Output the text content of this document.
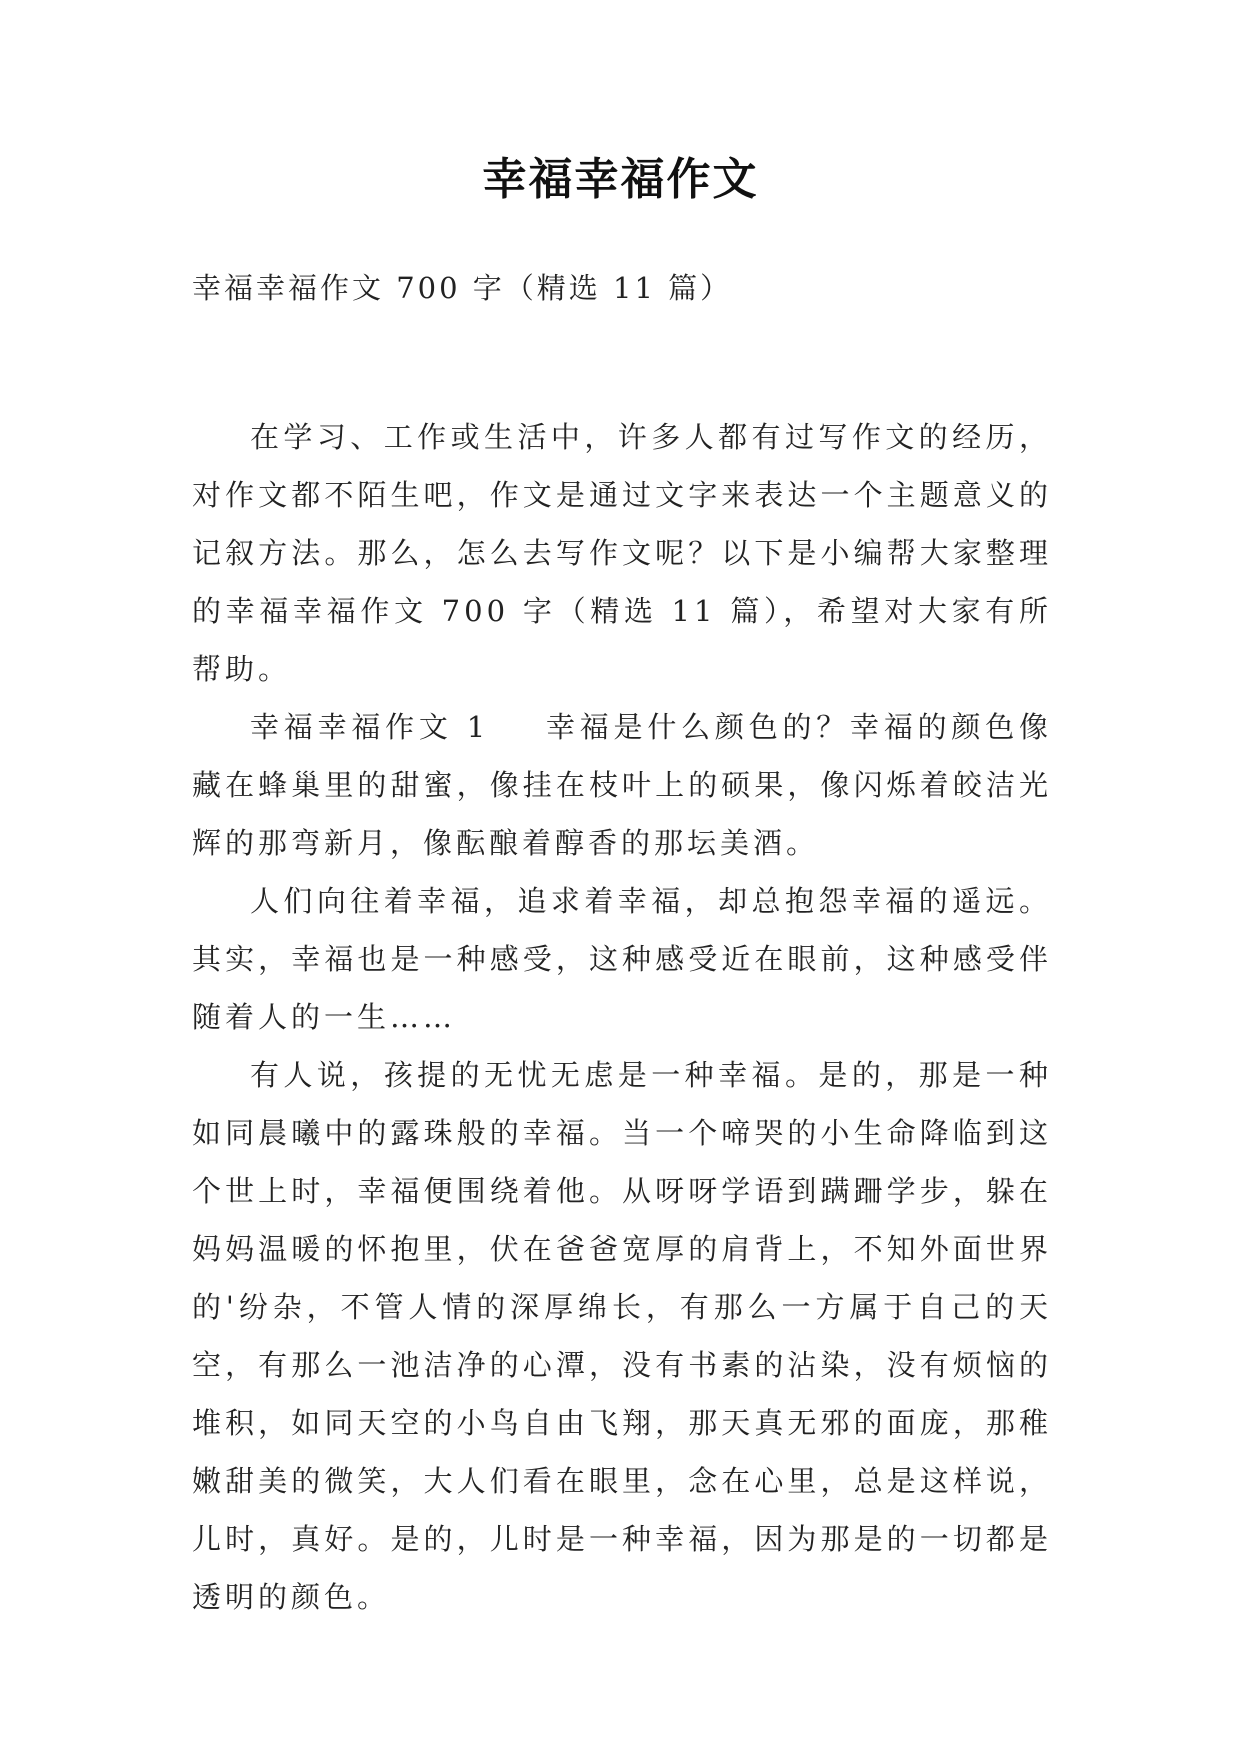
幸福幸福作文
幸福幸福作文 700 字（精选 11 篇）

在学习、工作或生活中，许多人都有过写作文的经历，对作文都不陌生吧，作文是通过文字来表达一个主题意义的记叙方法。那么，怎么去写作文呢？以下是小编帮大家整理的幸福幸福作文 700 字（精选 11 篇），希望对大家有所帮助。

幸福幸福作文 1 幸福是什么颜色的？幸福的颜色像藏在蜂巢里的甜蜜，像挂在枝叶上的硕果，像闪烁着皎洁光辉的那弯新月，像酝酿着醇香的那坛美酒。

人们向往着幸福，追求着幸福，却总抱怨幸福的遥远。其实，幸福也是一种感受，这种感受近在眼前，这种感受伴随着人的一生……

有人说，孩提的无忧无虑是一种幸福。是的，那是一种如同晨曦中的露珠般的幸福。当一个啼哭的小生命降临到这个世上时，幸福便围绕着他。从呀呀学语到蹒跚学步，躲在妈妈温暖的怀抱里，伏在爸爸宽厚的肩背上，不知外面世界的'纷杂，不管人情的深厚绵长，有那么一方属于自己的天空，有那么一池洁净的心潭，没有书素的沾染，没有烦恼的堆积，如同天空的小鸟自由飞翔，那天真无邪的面庞，那稚嫩甜美的微笑，大人们看在眼里，念在心里，总是这样说，儿时，真好。是的，儿时是一种幸福，因为那是的一切都是透明的颜色。
